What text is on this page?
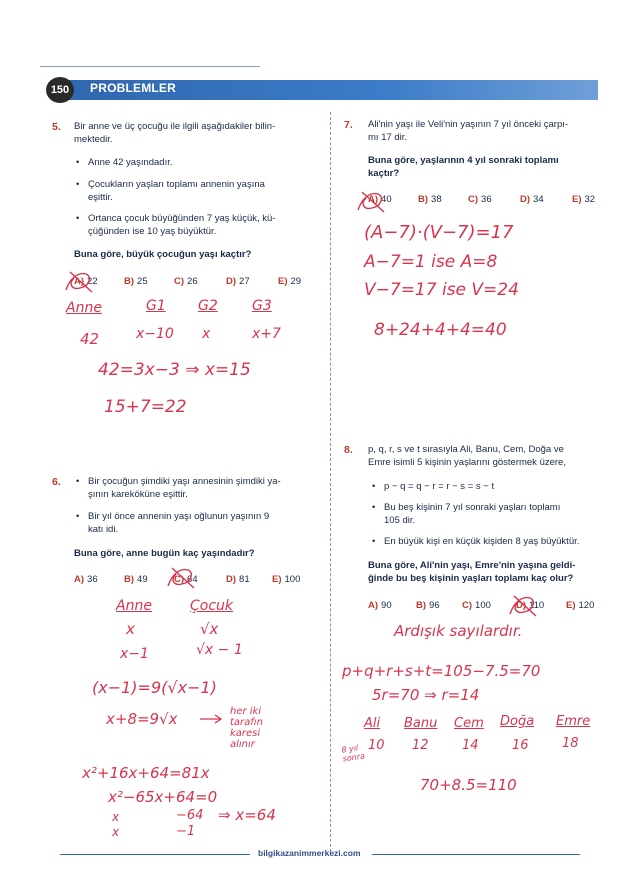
150	PROBLEMLER
5. Bir anne ve üç çocuğu ile ilgili aşağıdakiler bilin-
mektedir.
• Anne 42 yaşındadır.
• Çocukların yaşları toplamı annenin yaşına
eşittir.
• Ortanca çocuk büyüğünden 7 yaş küçük, kü-
çüğünden ise 10 yaş büyüktür.
Buna göre, büyük çocuğun yaşı kaçtır?
A) 22	B) 25	C) 26	D) 27	E) 29
Anne	G1 G2 G3
42	x−10 x	x+7
42=3x−3 ⇒ x=15
15+7=22
6.
•	Bir çocuğun şimdiki yaşı annesinin şimdiki ya-
şının kareköküne eşittir.
• Bir yıl önce annenin yaşı oğlunun yaşının 9
katı idi.
Buna göre, anne bugün kaç yaşındadır?
A) 36	B) 49	C) 64	D) 81 E) 100
Anne	Çocuk
x	√x
x−1	√x − 1
(x−1)=9(√x−1)
x+8=9√x	her iki
tarafın
karesi
alınır
x²+16x+64=81x
x²−65x+64=0
x
x
−64
−1
⇒ x=64
7. Ali'nin yaşı ile Veli'nin yaşının 7 yıl önceki çarpı-
mı 17 dir.
Buna göre, yaşlarının 4 yıl sonraki toplamı
kaçtır?
A) 40	B) 38	C) 36	D) 34	E) 32
(A−7)·(V−7)=17
A−7=1 ise A=8
V−7=17 ise V=24
8+24+4+4=40
8. p, q, r, s ve t sırasıyla Ali, Banu, Cem, Doğa ve
Emre isimli 5 kişinin yaşlarını göstermek üzere,
• p − q = q − r = r − s = s − t
• Bu beş kişinin 7 yıl sonraki yaşları toplamı
105 dir.
• En büyük kişi en küçük kişiden 8 yaş büyüktür.
Buna göre, Ali'nin yaşı, Emre'nin yaşına geldi-
ğinde bu beş kişinin yaşları toplamı kaç olur?
A) 90	B) 96 C) 100	D) 110 E) 120
Ardışık sayılardır.
p+q+r+s+t=105−7.5=70
5r=70 ⇒ r=14
Ali Banu Cem Doğa Emre
8 yıl
sonra
10 12	14	16	18
70+8.5=110
bilgikazanimmerkezi.com
